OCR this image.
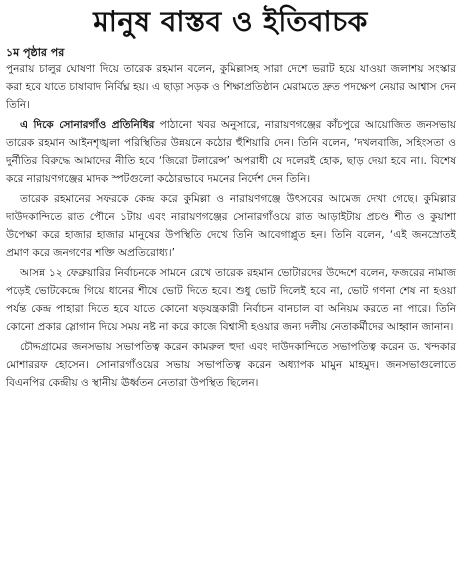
মানুষ বাস্তব ও ইতিবাচক
১ম পৃষ্ঠার পর

পুনরায় চালুর ঘোষণা দিয়ে তারেক রহমান বলেন, কুমিল্লাসহ সারা দেশে ভরাট হয়ে যাওয়া জলাশয় সংস্কার করা হবে যাতে চাষাবাদ নির্বিঘ্ন হয়। এ ছাড়া সড়ক ও শিক্ষাপ্রতিষ্ঠান মেরামতে দ্রুত পদক্ষেপ নেয়ার আশ্বাস দেন তিনি।

এ দিকে সোনারগাঁও প্রতিনিধির পাঠানো খবর অনুসারে, নারায়ণগঞ্জের কাঁচপুরে আয়োজিত জনসভায় তারেক রহমান আইনশৃঙ্খলা পরিস্থিতির উন্নয়নে কঠোর হুঁশিয়ারি দেন। তিনি বলেন, ‘দখলবাজি, সহিংসতা ও দুর্নীতির বিরুদ্ধে আমাদের নীতি হবে ‘জিরো টলারেন্স’ অপরাধী যে দলেরই হোক, ছাড় দেয়া হবে না।. বিশেষ করে নারায়ণগঞ্জের মাদক স্পটগুলো কঠোরভাবে দমনের নির্দেশ দেন তিনি।

তারেক রহমানের সফরকে কেন্দ্র করে কুমিল্লা ও নারায়ণগঞ্জে উৎসবের আমেজ দেখা গেছে। কুমিল্লার দাউদকান্দিতে রাত পৌনে ১টায় এবং নারায়ণগঞ্জের সোনারগাঁওয়ে রাত আড়াইটায় প্রচণ্ড শীত ও কুয়াশা উপেক্ষা করে হাজার হাজার মানুষের উপস্থিতি দেখে তিনি আবেগাপ্লুত হন। তিনি বলেন, ‘এই জনস্রোতই প্রমাণ করে জনগণের শক্তি অপ্রতিরোধ্য।’

আসন্ন ১২ ফেব্রুয়ারির নির্বাচনকে সামনে রেখে তারেক রহমান ভোটারদের উদ্দেশে বলেন, ফজরের নামাজ পড়েই ভোটকেন্দ্রে গিয়ে ধানের শীষে ভোট দিতে হবে। শুধু ভোট দিলেই হবে না, ভোট গণনা শেষ না হওয়া পর্যন্ত কেন্দ্র পাহারা দিতে হবে যাতে কোনো ষড়যন্ত্রকারী নির্বাচন বানচাল বা অনিয়ম করতে না পারে। তিনি কোনো প্রকার স্লোগান দিয়ে সময় নষ্ট না করে কাজে বিশ্বাসী হওয়ার জন্য দলীয় নেতাকর্মীদের আহ্বান জানান।

চৌদ্দগ্রামের জনসভায় সভাপতিত্ব করেন কামরুল হুদা এবং দাউদকান্দিতে সভাপতিত্ব করেন ড. খন্দকার মোশাররফ হোসেন। সোনারগাঁওয়ের সভায় সভাপতিত্ব করেন অধ্যাপক মামুন মাহমুদ। জনসভাগুলোতে বিএনপির কেন্দ্রীয় ও স্থানীয় ঊর্ধ্বতন নেতারা উপস্থিত ছিলেন।
